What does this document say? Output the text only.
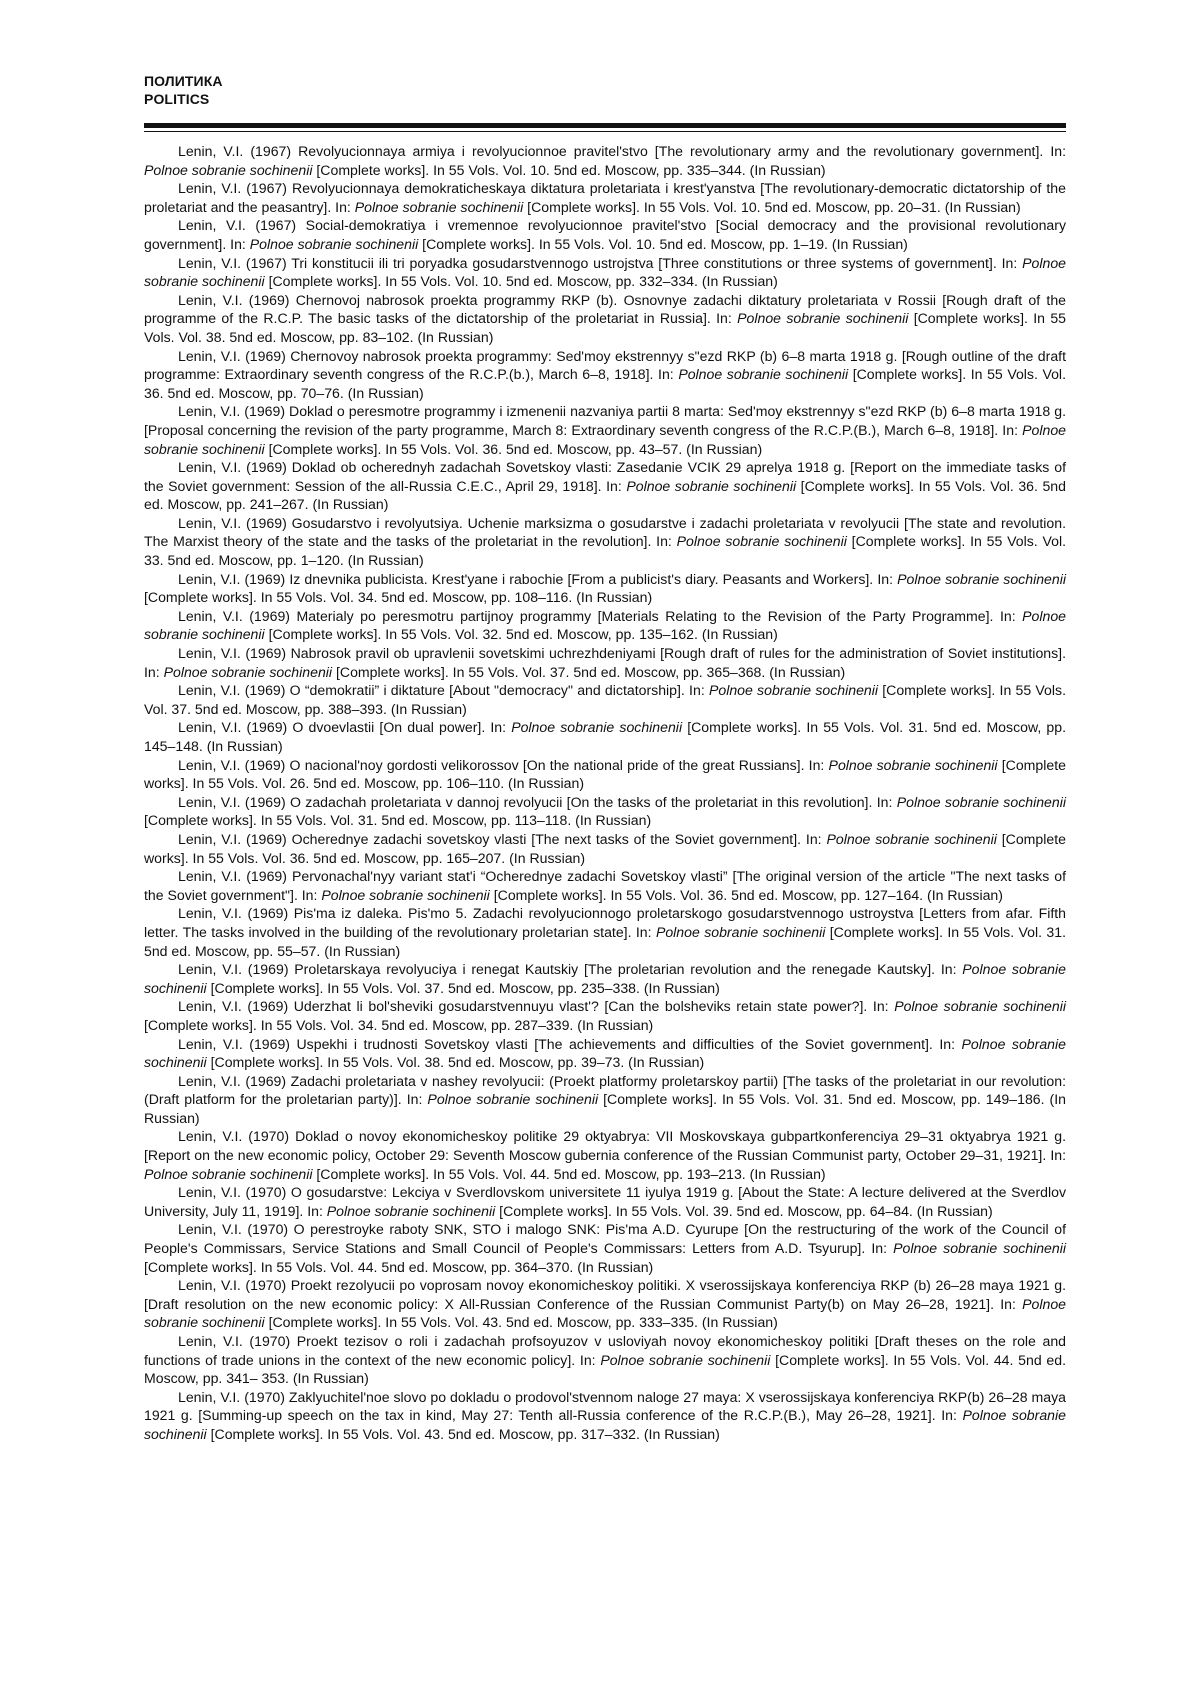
ПОЛИТИКА
POLITICS

Lenin, V.I. (1967) Revolyucionnaya armiya i revolyucionnoe pravitel'stvo [The revolutionary army and the revolutionary government]. In: Polnoe sobranie sochinenii [Complete works]. In 55 Vols. Vol. 10. 5nd ed. Moscow, pp. 335–344. (In Russian)

Lenin, V.I. (1967) Revolyucionnaya demokraticheskaya diktatura proletariata i krest'yanstva [The revolutionary-democratic dictatorship of the proletariat and the peasantry]. In: Polnoe sobranie sochinenii [Complete works]. In 55 Vols. Vol. 10. 5nd ed. Moscow, pp. 20–31. (In Russian)

Lenin, V.I. (1967) Social-demokratiya i vremennoe revolyucionnoe pravitel'stvo [Social democracy and the provisional revolutionary government]. In: Polnoe sobranie sochinenii [Complete works]. In 55 Vols. Vol. 10. 5nd ed. Moscow, pp. 1–19. (In Russian)

Lenin, V.I. (1967) Tri konstitucii ili tri poryadka gosudarstvennogo ustrojstva [Three constitutions or three systems of government]. In: Polnoe sobranie sochinenii [Complete works]. In 55 Vols. Vol. 10. 5nd ed. Moscow, pp. 332–334. (In Russian)

Lenin, V.I. (1969) Chernovoj nabrosok proekta programmy RKP (b). Osnovnye zadachi diktatury proletariata v Rossii [Rough draft of the programme of the R.C.P. The basic tasks of the dictatorship of the proletariat in Russia]. In: Polnoe sobranie sochinenii [Complete works]. In 55 Vols. Vol. 38. 5nd ed. Moscow, pp. 83–102. (In Russian)

Lenin, V.I. (1969) Chernovoy nabrosok proekta programmy: Sed'moy ekstrennyy s"ezd RKP (b) 6–8 marta 1918 g. [Rough outline of the draft programme: Extraordinary seventh congress of the R.C.P.(b.), March 6–8, 1918]. In: Polnoe sobranie sochinenii [Complete works]. In 55 Vols. Vol. 36. 5nd ed. Moscow, pp. 70–76. (In Russian)

Lenin, V.I. (1969) Doklad o peresmotre programmy i izmenenii nazvaniya partii 8 marta: Sed'moy ekstrennyy s"ezd RKP (b) 6–8 marta 1918 g. [Proposal concerning the revision of the party programme, March 8: Extraordinary seventh congress of the R.C.P.(B.), March 6–8, 1918]. In: Polnoe sobranie sochinenii [Complete works]. In 55 Vols. Vol. 36. 5nd ed. Moscow, pp. 43–57. (In Russian)

Lenin, V.I. (1969) Doklad ob ocherednyh zadachah Sovetskoy vlasti: Zasedanie VCIK 29 aprelya 1918 g. [Report on the immediate tasks of the Soviet government: Session of the all-Russia C.E.C., April 29, 1918]. In: Polnoe sobranie sochinenii [Complete works]. In 55 Vols. Vol. 36. 5nd ed. Moscow, pp. 241–267. (In Russian)

Lenin, V.I. (1969) Gosudarstvo i revolyutsiya. Uchenie marksizma o gosudarstve i zadachi proletariata v revolyucii [The state and revolution. The Marxist theory of the state and the tasks of the proletariat in the revolution]. In: Polnoe sobranie sochinenii [Complete works]. In 55 Vols. Vol. 33. 5nd ed. Moscow, pp. 1–120. (In Russian)

Lenin, V.I. (1969) Iz dnevnika publicista. Krest'yane i rabochie [From a publicist's diary. Peasants and Workers]. In: Polnoe sobranie sochinenii [Complete works]. In 55 Vols. Vol. 34. 5nd ed. Moscow, pp. 108–116. (In Russian)

Lenin, V.I. (1969) Materialy po peresmotru partijnoy programmy [Materials Relating to the Revision of the Party Programme]. In: Polnoe sobranie sochinenii [Complete works]. In 55 Vols. Vol. 32. 5nd ed. Moscow, pp. 135–162. (In Russian)

Lenin, V.I. (1969) Nabrosok pravil ob upravlenii sovetskimi uchrezhdeniyami [Rough draft of rules for the administration of Soviet institutions]. In: Polnoe sobranie sochinenii [Complete works]. In 55 Vols. Vol. 37. 5nd ed. Moscow, pp. 365–368. (In Russian)

Lenin, V.I. (1969) O “demokratii” i diktature [About "democracy" and dictatorship]. In: Polnoe sobranie sochinenii [Complete works]. In 55 Vols. Vol. 37. 5nd ed. Moscow, pp. 388–393. (In Russian)

Lenin, V.I. (1969) O dvoevlastii [On dual power]. In: Polnoe sobranie sochinenii [Complete works]. In 55 Vols. Vol. 31. 5nd ed. Moscow, pp. 145–148. (In Russian)

Lenin, V.I. (1969) O nacional'noy gordosti velikorossov [On the national pride of the great Russians]. In: Polnoe sobranie sochinenii [Complete works]. In 55 Vols. Vol. 26. 5nd ed. Moscow, pp. 106–110. (In Russian)

Lenin, V.I. (1969) O zadachah proletariata v dannoj revolyucii [On the tasks of the proletariat in this revolution]. In: Polnoe sobranie sochinenii [Complete works]. In 55 Vols. Vol. 31. 5nd ed. Moscow, pp. 113–118. (In Russian)

Lenin, V.I. (1969) Ocherednye zadachi sovetskoy vlasti [The next tasks of the Soviet government]. In: Polnoe sobranie sochinenii [Complete works]. In 55 Vols. Vol. 36. 5nd ed. Moscow, pp. 165–207. (In Russian)

Lenin, V.I. (1969) Pervonachal'nyy variant stat'i “Ocherednye zadachi Sovetskoy vlasti” [The original version of the article "The next tasks of the Soviet government"]. In: Polnoe sobranie sochinenii [Complete works]. In 55 Vols. Vol. 36. 5nd ed. Moscow, pp. 127–164. (In Russian)

Lenin, V.I. (1969) Pis'ma iz daleka. Pis'mo 5. Zadachi revolyucionnogo proletarskogo gosudarstvennogo ustroystva [Letters from afar. Fifth letter. The tasks involved in the building of the revolutionary proletarian state]. In: Polnoe sobranie sochinenii [Complete works]. In 55 Vols. Vol. 31. 5nd ed. Moscow, pp. 55–57. (In Russian)

Lenin, V.I. (1969) Proletarskaya revolyuciya i renegat Kautskiy [The proletarian revolution and the renegade Kautsky]. In: Polnoe sobranie sochinenii [Complete works]. In 55 Vols. Vol. 37. 5nd ed. Moscow, pp. 235–338. (In Russian)

Lenin, V.I. (1969) Uderzhat li bol'sheviki gosudarstvennuyu vlast'? [Can the bolsheviks retain state power?]. In: Polnoe sobranie sochinenii [Complete works]. In 55 Vols. Vol. 34. 5nd ed. Moscow, pp. 287–339. (In Russian)

Lenin, V.I. (1969) Uspekhi i trudnosti Sovetskoy vlasti [The achievements and difficulties of the Soviet government]. In: Polnoe sobranie sochinenii [Complete works]. In 55 Vols. Vol. 38. 5nd ed. Moscow, pp. 39–73. (In Russian)

Lenin, V.I. (1969) Zadachi proletariata v nashey revolyucii: (Proekt platformy proletarskoy partii) [The tasks of the proletariat in our revolution: (Draft platform for the proletarian party)]. In: Polnoe sobranie sochinenii [Complete works]. In 55 Vols. Vol. 31. 5nd ed. Moscow, pp. 149–186. (In Russian)

Lenin, V.I. (1970) Doklad o novoy ekonomicheskoy politike 29 oktyabrya: VII Moskovskaya gubpartkonferenciya 29–31 oktyabrya 1921 g. [Report on the new economic policy, October 29: Seventh Moscow gubernia conference of the Russian Communist party, October 29–31, 1921]. In: Polnoe sobranie sochinenii [Complete works]. In 55 Vols. Vol. 44. 5nd ed. Moscow, pp. 193–213. (In Russian)

Lenin, V.I. (1970) O gosudarstve: Lekciya v Sverdlovskom universitete 11 iyulya 1919 g. [About the State: A lecture delivered at the Sverdlov University, July 11, 1919]. In: Polnoe sobranie sochinenii [Complete works]. In 55 Vols. Vol. 39. 5nd ed. Moscow, pp. 64–84. (In Russian)

Lenin, V.I. (1970) O perestroyke raboty SNK, STO i malogo SNK: Pis'ma A.D. Cyurupe [On the restructuring of the work of the Council of People's Commissars, Service Stations and Small Council of People's Commissars: Letters from A.D. Tsyurup]. In: Polnoe sobranie sochinenii [Complete works]. In 55 Vols. Vol. 44. 5nd ed. Moscow, pp. 364–370. (In Russian)

Lenin, V.I. (1970) Proekt rezolyucii po voprosam novoy ekonomicheskoy politiki. X vserossijskaya konferenciya RKP (b) 26–28 maya 1921 g. [Draft resolution on the new economic policy: X All-Russian Conference of the Russian Communist Party(b) on May 26–28, 1921]. In: Polnoe sobranie sochinenii [Complete works]. In 55 Vols. Vol. 43. 5nd ed. Moscow, pp. 333–335. (In Russian)

Lenin, V.I. (1970) Proekt tezisov o roli i zadachah profsoyuzov v usloviyah novoy ekonomicheskoy politiki [Draft theses on the role and functions of trade unions in the context of the new economic policy]. In: Polnoe sobranie sochinenii [Complete works]. In 55 Vols. Vol. 44. 5nd ed. Moscow, pp. 341– 353. (In Russian)

Lenin, V.I. (1970) Zaklyuchitel'noe slovo po dokladu o prodovol'stvennom naloge 27 maya: X vserossijskaya konferenciya RKP(b) 26–28 maya 1921 g. [Summing-up speech on the tax in kind, May 27: Tenth all-Russia conference of the R.C.P.(B.), May 26–28, 1921]. In: Polnoe sobranie sochinenii [Complete works]. In 55 Vols. Vol. 43. 5nd ed. Moscow, pp. 317–332. (In Russian)
